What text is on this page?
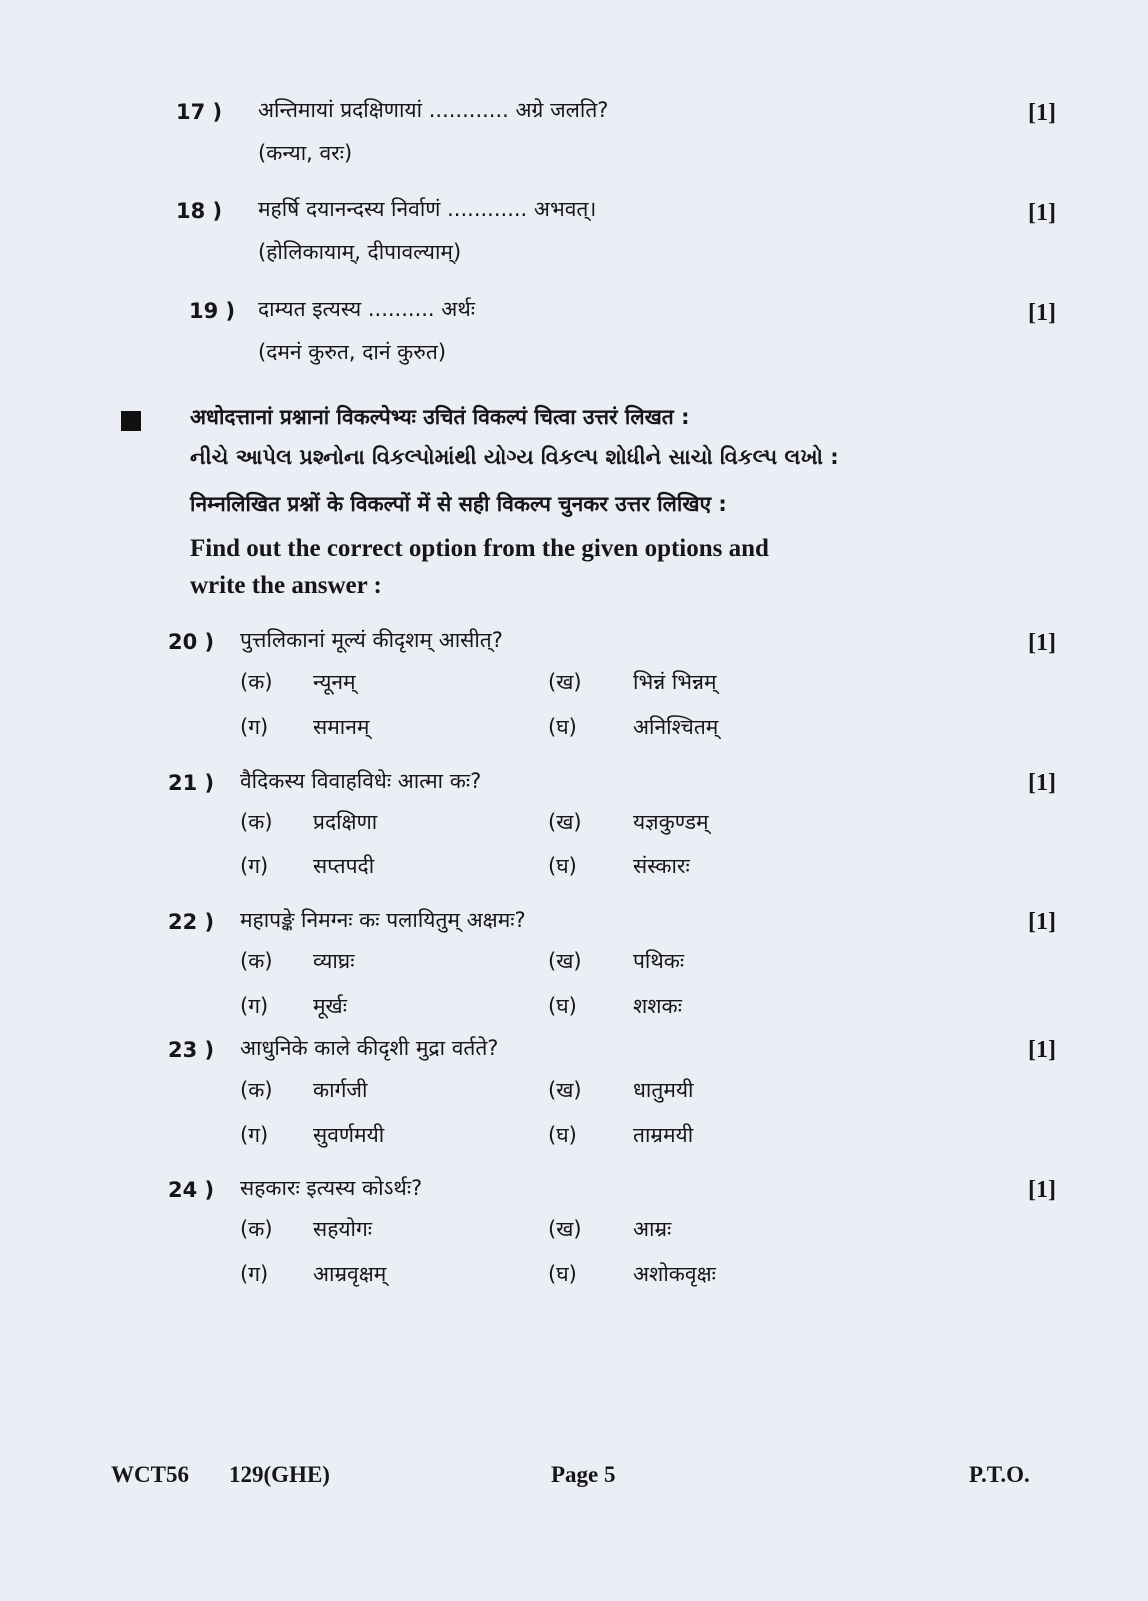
17 ) अन्तिमायां प्रदक्षिणायां ............ अग्रे जलति?
(कन्या, वरः)
[1]
18 ) महर्षि दयानन्दस्य निर्वाणं ............ अभवत्।
(होलिकायाम्, दीपावल्याम्)
[1]
19 ) दाम्यत इत्यस्य .......... अर्थः
(दमनं कुरुत, दानं कुरुत)
[1]
अधोदत्तानां प्रश्नानां विकल्पेभ्यः उचितं विकल्पं चित्वा उत्तरं लिखत :
નીચે આપેલ પ્રશ્નોના વિકલ્પોમાંથી યોગ્ય વિકલ્પ શોધીને સાચો વિકલ્પ લખો :
निम्नलिखित प्रश्नों के विकल्पों में से सही विकल्प चुनकर उत्तर लिखिए :
Find out the correct option from the given options and
write the answer :
20 ) पुत्तलिकानां मूल्यं कीदृशम् आसीत्?	[1]
(क) न्यूनम्	(ख) भिन्नं भिन्नम्
(ग) समानम्	(घ)	अनिश्चितम्
21 ) वैदिकस्य विवाहविधेः आत्मा कः?	[1]
(क) प्रदक्षिणा	(ख) यज्ञकुण्डम्
(ग) सप्तपदी	(घ)	संस्कारः
22 ) महापङ्के निमग्नः कः पलायितुम् अक्षमः?	[1]
(क) व्याघ्रः	(ख) पथिकः
(ग) मूर्खः	(घ)	शशकः
23 ) आधुनिके काले कीदृशी मुद्रा वर्तते?	[1]
(क) कार्गजी	(ख) धातुमयी
(ग) सुवर्णमयी	(घ)	ताम्रमयी
24 ) सहकारः इत्यस्य कोऽर्थः?	[1]
(क) सहयोगः	(ख) आम्रः
(ग) आम्रवृक्षम्	(घ)	अशोकवृक्षः
WCT56 129(GHE)	Page 5	P.T.O.
